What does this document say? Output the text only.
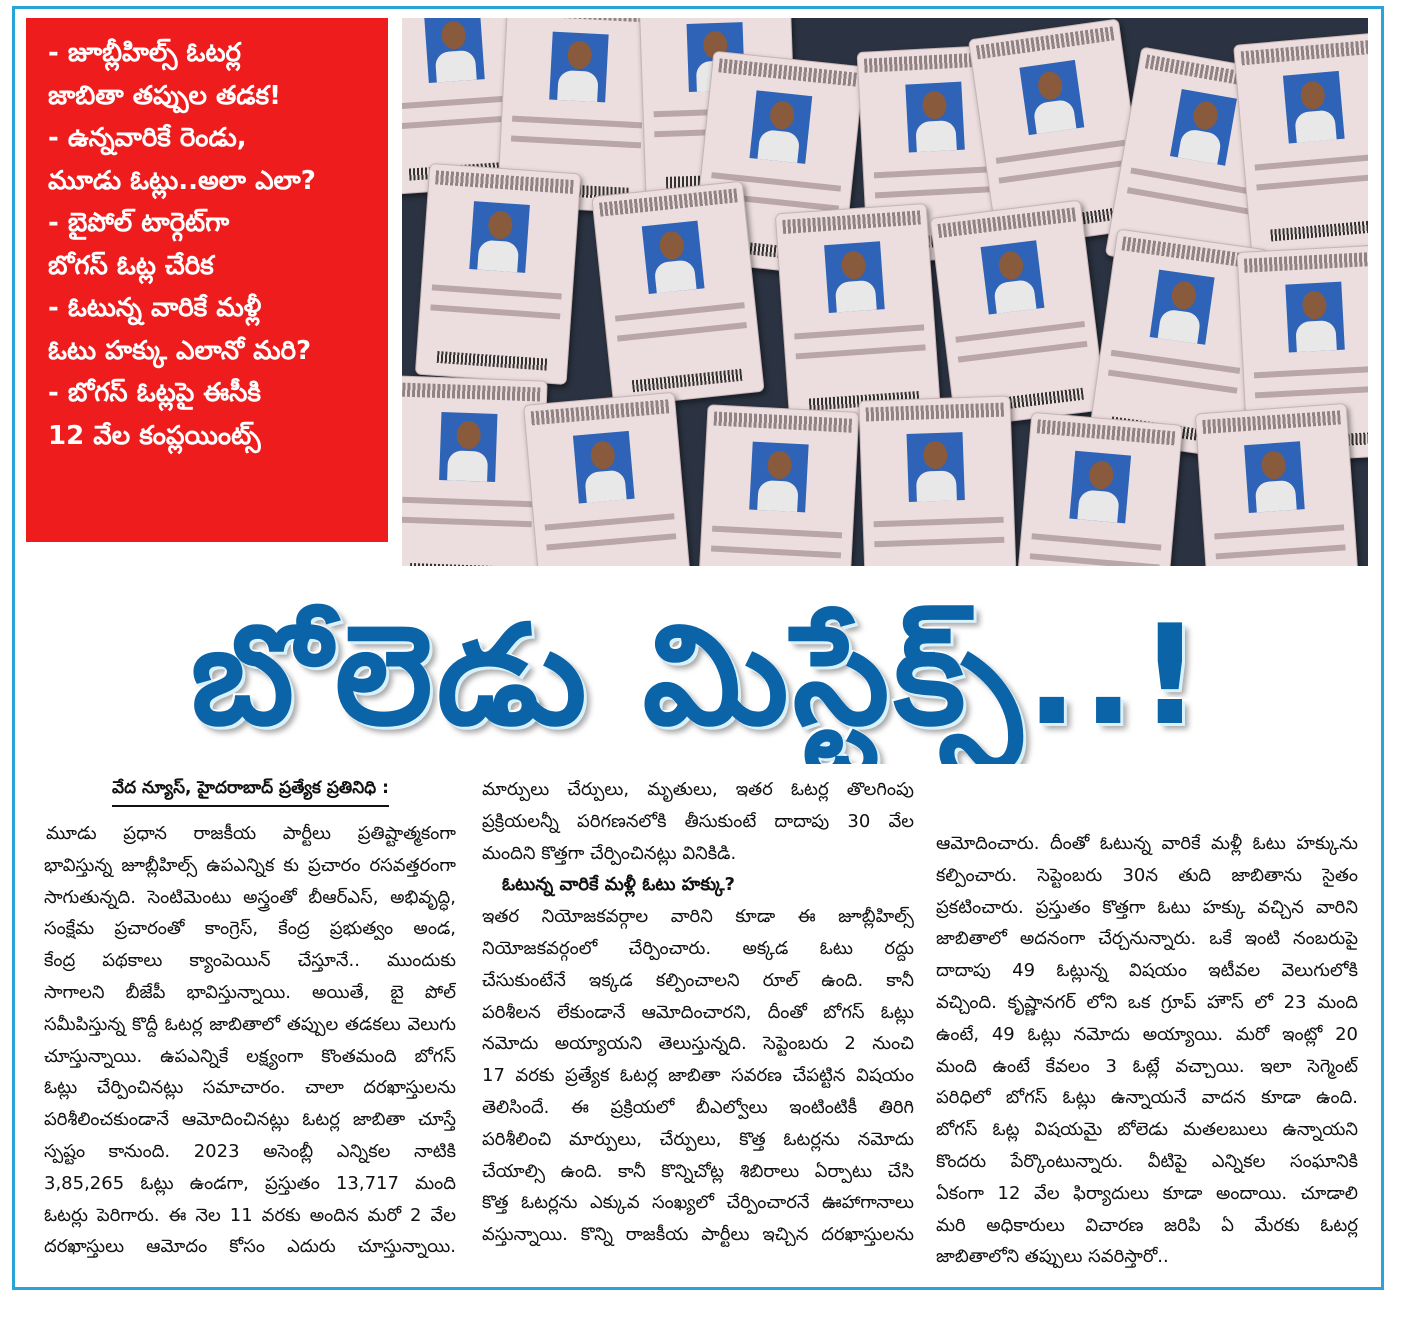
- జూబ్లీహిల్స్ ఓటర్ల
జాబితా తప్పుల తడక!
- ఉన్నవారికే రెండు,
మూడు ఓట్లు..అలా ఎలా?
- బైపోల్ టార్గెట్‌గా
బోగస్ ఓట్ల చేరిక
- ఓటున్న వారికే మళ్లీ
ఓటు హక్కు ఎలానో మరి?
- బోగస్ ఓట్లపై ఈసీకి
12 వేల కంప్లయింట్స్
బోలెడు మిస్టేక్స్..!
వేద న్యూస్, హైదరాబాద్ ప్రత్యేక ప్రతినిధి :
మూడు ప్రధాన రాజకీయ పార్టీలు ప్రతిష్టాత్మకంగా
భావిస్తున్న జూబ్లీహిల్స్ ఉపఎన్నిక కు ప్రచారం రసవత్తరంగా
సాగుతున్నది. సెంటిమెంటు అస్త్రంతో బీఆర్ఎస్, అభివృద్ధి,
సంక్షేమ ప్రచారంతో కాంగ్రెస్, కేంద్ర ప్రభుత్వం అండ,
కేంద్ర పథకాలు క్యాంపెయిన్ చేస్తూనే.. ముందుకు
సాగాలని బీజేపీ భావిస్తున్నాయి. అయితే, బై పోల్
సమీపిస్తున్న కొద్దీ ఓటర్ల జాబితాలో తప్పుల తడకలు వెలుగు
చూస్తున్నాయి. ఉపఎన్నికే లక్ష్యంగా కొంతమంది బోగస్
ఓట్లు చేర్పించినట్లు సమాచారం. చాలా దరఖాస్తులను
పరిశీలించకుండానే ఆమోదించినట్లు ఓటర్ల జాబితా చూస్తే
స్పష్టం కానుంది. 2023 అసెంబ్లీ ఎన్నికల నాటికి
3,85,265 ఓట్లు ఉండగా, ప్రస్తుతం 13,717 మంది
ఓటర్లు పెరిగారు. ఈ నెల 11 వరకు అందిన మరో 2 వేల
దరఖాస్తులు ఆమోదం కోసం ఎదురు చూస్తున్నాయి.
మార్పులు చేర్పులు, మృతులు, ఇతర ఓటర్ల తొలగింపు
ప్రక్రియలన్నీ పరిగణనలోకి తీసుకుంటే దాదాపు 30 వేల
మందిని కొత్తగా చేర్పించినట్లు వినికిడి.
ఓటున్న వారికే మళ్లీ ఓటు హక్కు?
ఇతర నియోజకవర్గాల వారిని కూడా ఈ జూబ్లీహిల్స్
నియోజకవర్గంలో చేర్పించారు. అక్కడ ఓటు రద్దు
చేసుకుంటేనే ఇక్కడ కల్పించాలని రూల్ ఉంది. కానీ
పరిశీలన లేకుండానే ఆమోదించారని, దీంతో బోగస్ ఓట్లు
నమోదు అయ్యాయని తెలుస్తున్నది. సెప్టెంబరు 2 నుంచి
17 వరకు ప్రత్యేక ఓటర్ల జాబితా సవరణ చేపట్టిన విషయం
తెలిసిందే. ఈ ప్రక్రియలో బీఎల్వోలు ఇంటింటికీ తిరిగి
పరిశీలించి మార్పులు, చేర్పులు, కొత్త ఓటర్లను నమోదు
చేయాల్సి ఉంది. కానీ కొన్నిచోట్ల శిబిరాలు ఏర్పాటు చేసి
కొత్త ఓటర్లను ఎక్కువ సంఖ్యలో చేర్పించారనే ఊహాగానాలు
వస్తున్నాయి. కొన్ని రాజకీయ పార్టీలు ఇచ్చిన దరఖాస్తులను
ఆమోదించారు. దీంతో ఓటున్న వారికే మళ్లీ ఓటు హక్కును
కల్పించారు. సెప్టెంబరు 30న తుది జాబితాను సైతం
ప్రకటించారు. ప్రస్తుతం కొత్తగా ఓటు హక్కు వచ్చిన వారిని
జాబితాలో అదనంగా చేర్చనున్నారు. ఒకే ఇంటి నంబరుపై
దాదాపు 49 ఓట్లున్న విషయం ఇటీవల వెలుగులోకి
వచ్చింది. కృష్ణానగర్ లోని ఒక గ్రూప్ హౌస్ లో 23 మంది
ఉంటే, 49 ఓట్లు నమోదు అయ్యాయి. మరో ఇంట్లో 20
మంది ఉంటే కేవలం 3 ఓట్లే వచ్చాయి. ఇలా సెగ్మెంట్
పరిధిలో బోగస్ ఓట్లు ఉన్నాయనే వాదన కూడా ఉంది.
బోగస్ ఓట్ల విషయమై బోలెడు మతలబులు ఉన్నాయని
కొందరు పేర్కొంటున్నారు. వీటిపై ఎన్నికల సంఘానికి
ఏకంగా 12 వేల ఫిర్యాదులు కూడా అందాయి. చూడాలి
మరి అధికారులు విచారణ జరిపి ఏ మేరకు ఓటర్ల
జాబితాలోని తప్పులు సవరిస్తారో..
